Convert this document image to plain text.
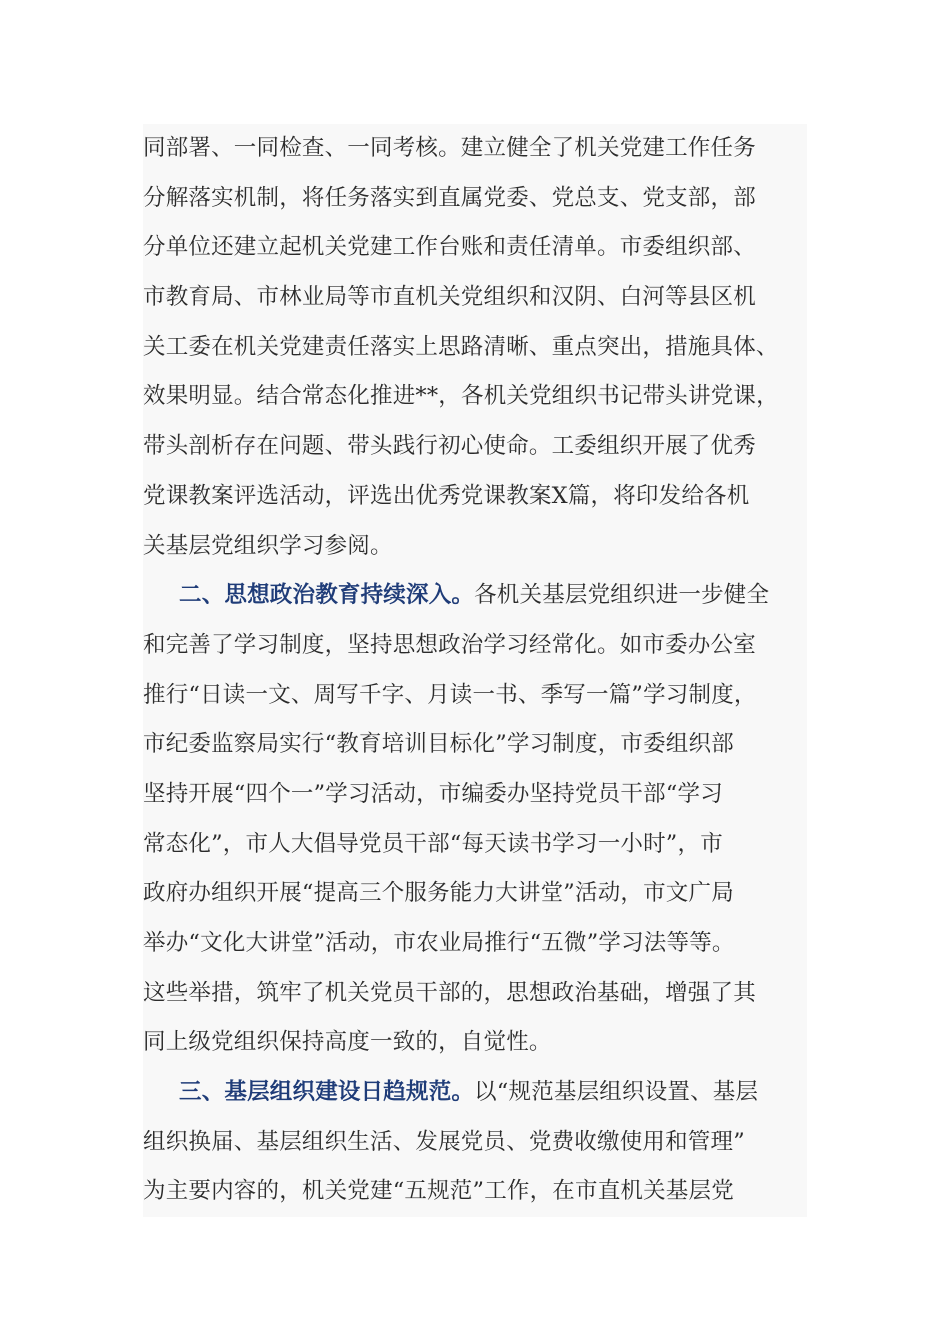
同部署、一同检查、一同考核。建立健全了机关党建工作任务
分解落实机制，将任务落实到直属党委、党总支、党支部，部
分单位还建立起机关党建工作台账和责任清单。市委组织部、
市教育局、市林业局等市直机关党组织和汉阴、白河等县区机
关工委在机关党建责任落实上思路清晰、重点突出，措施具体、
效果明显。结合常态化推进**，各机关党组织书记带头讲党课，
带头剖析存在问题、带头践行初心使命。工委组织开展了优秀
党课教案评选活动，评选出优秀党课教案X篇，将印发给各机
关基层党组织学习参阅。
二、思想政治教育持续深入。各机关基层党组织进一步健全
和完善了学习制度，坚持思想政治学习经常化。如市委办公室
推行“日读一文、周写千字、月读一书、季写一篇”学习制度，
市纪委监察局实行“教育培训目标化”学习制度，市委组织部
坚持开展“四个一”学习活动，市编委办坚持党员干部“学习
常态化”，市人大倡导党员干部“每天读书学习一小时”，市
政府办组织开展“提高三个服务能力大讲堂”活动，市文广局
举办“文化大讲堂”活动，市农业局推行“五微”学习法等等。
这些举措，筑牢了机关党员干部的，思想政治基础，增强了其
同上级党组织保持高度一致的，自觉性。
三、基层组织建设日趋规范。以“规范基层组织设置、基层
组织换届、基层组织生活、发展党员、党费收缴使用和管理”
为主要内容的，机关党建“五规范”工作，在市直机关基层党
